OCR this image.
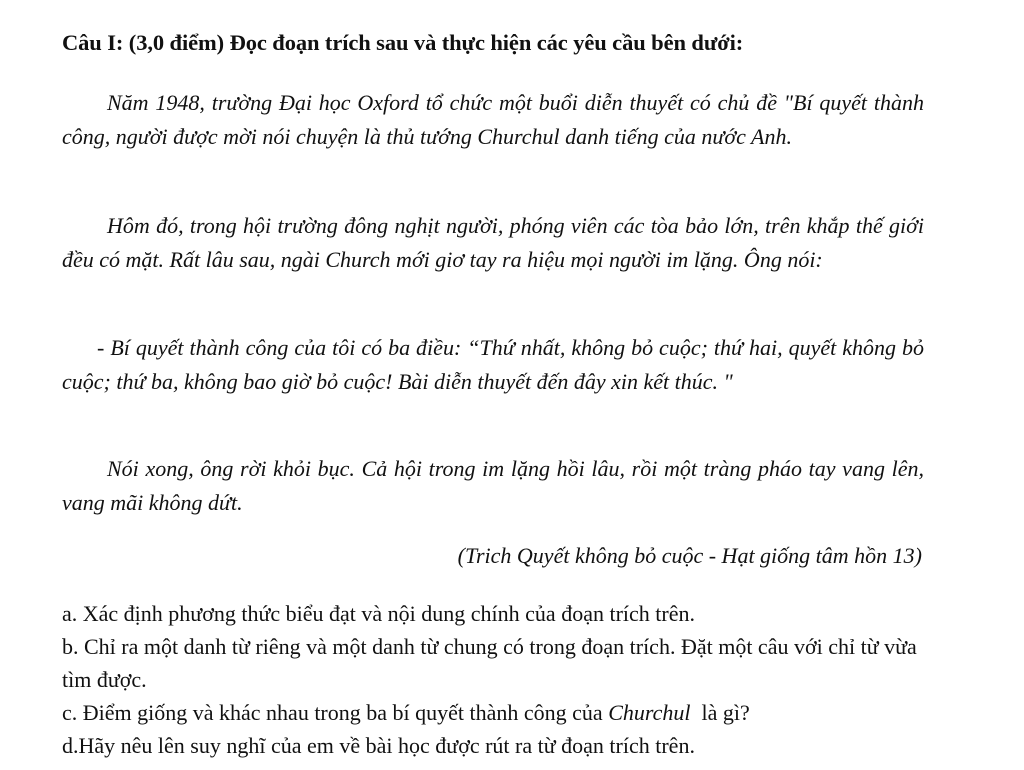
Câu I: (3,0 điểm) Đọc đoạn trích sau và thực hiện các yêu cầu bên dưới:

Năm 1948, trường Đại học Oxford tổ chức một buổi diễn thuyết có chủ đề "Bí quyết thành công, người được mời nói chuyện là thủ tướng Churchul danh tiếng của nước Anh.

Hôm đó, trong hội trường đông nghịt người, phóng viên các tòa bảo lớn, trên khắp thế giới đều có mặt. Rất lâu sau, ngài Church mới giơ tay ra hiệu mọi người im lặng. Ông nói:

- Bí quyết thành công của tôi có ba điều: “Thứ nhất, không bỏ cuộc; thứ hai, quyết không bỏ cuộc; thứ ba, không bao giờ bỏ cuộc! Bài diễn thuyết đến đây xin kết thúc. "

Nói xong, ông rời khỏi bục. Cả hội trong im lặng hồi lâu, rồi một tràng pháo tay vang lên, vang mãi không dứt.

(Trich Quyết không bỏ cuộc - Hạt giống tâm hồn 13)

a. Xác định phương thức biểu đạt và nội dung chính của đoạn trích trên.

b. Chỉ ra một danh từ riêng và một danh từ chung có trong đoạn trích. Đặt một câu với chỉ từ vừa tìm được.

c. Điểm giống và khác nhau trong ba bí quyết thành công của Churchul  là gì?

d.Hãy nêu lên suy nghĩ của em về bài học được rút ra từ đoạn trích trên.
